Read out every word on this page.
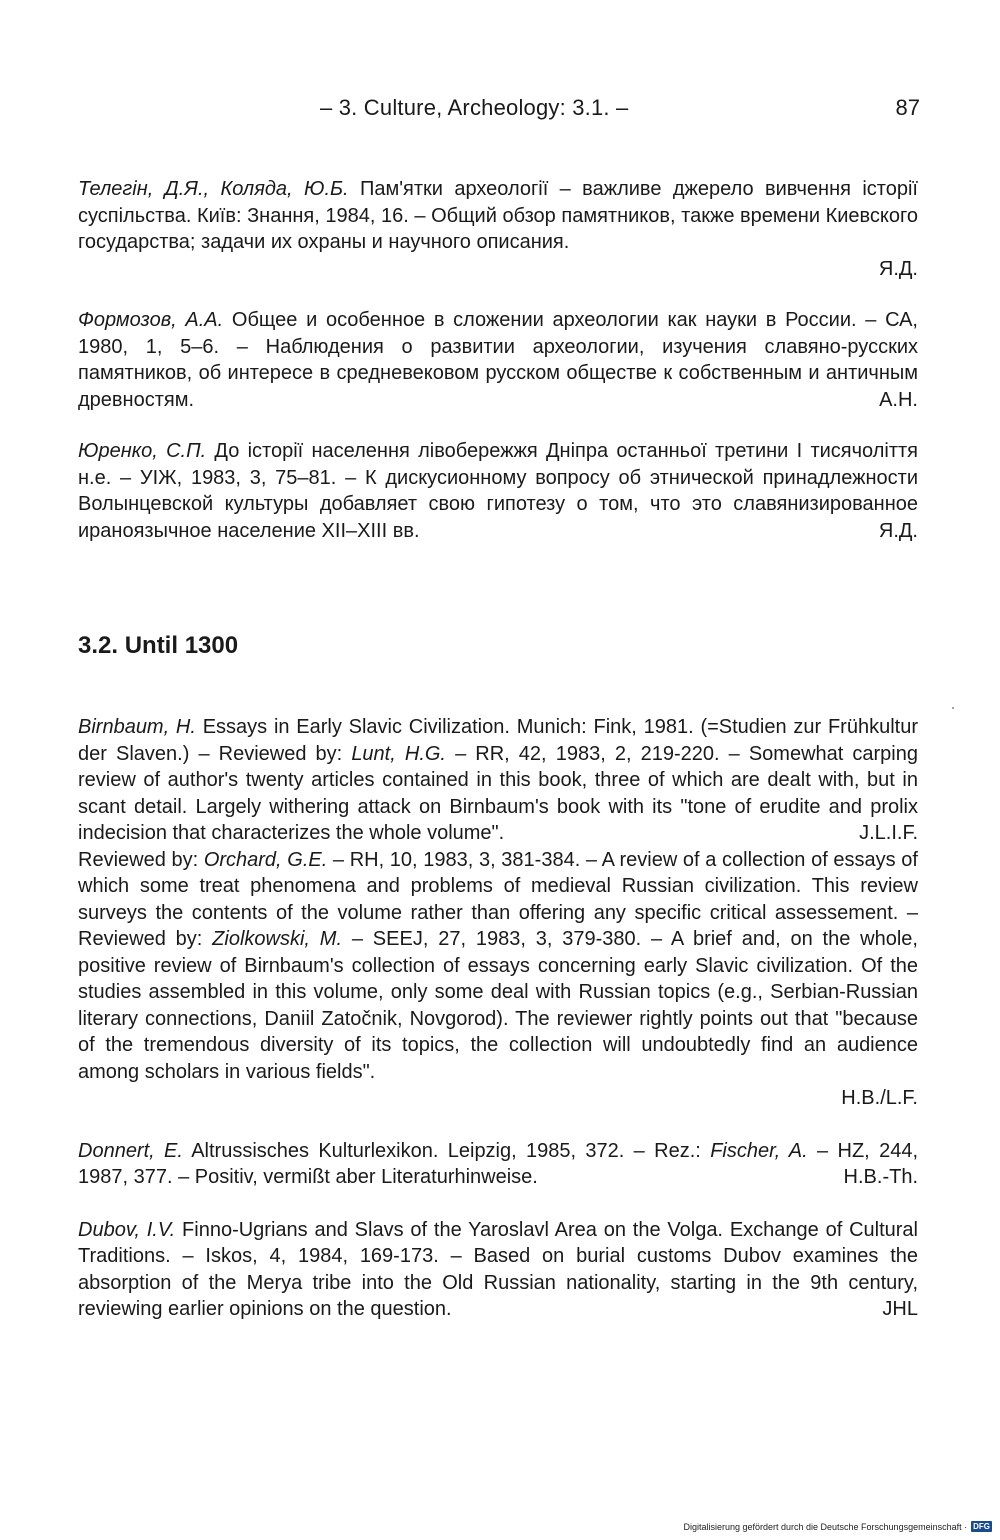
– 3. Culture, Archeology: 3.1. –	87

Телегін, Д.Я., Коляда, Ю.Б. Пам'ятки археології – важливе джерело вивчення історії суспільства. Київ: Знання, 1984, 16. – Общий обзор памятников, также времени Киевского государства; задачи их охраны и научного описания.
Я.Д.

Формозов, А.А. Общее и особенное в сложении археологии как науки в России. – СА, 1980, 1, 5–6. – Наблюдения о развитии археологии, изучения славяно-русских памятников, об интересе в средневековом русском обществе к собственным и античным древностям.	А.Н.

Юренко, С.П. До історії населення лівобережжя Дніпра останньої третини I тисячоліття н.е. – УІЖ, 1983, 3, 75–81. – К дискусионному вопросу об этнической принадлежности Волынцевской культуры добавляет свою гипотезу о том, что это славянизированное ираноязычное население XII–XIII вв.	Я.Д.

3.2. Until 1300

Birnbaum, H. Essays in Early Slavic Civilization. Munich: Fink, 1981. (=Studien zur Frühkultur der Slaven.) – Reviewed by: Lunt, H.G. – RR, 42, 1983, 2, 219-220. – Somewhat carping review of author's twenty articles contained in this book, three of which are dealt with, but in scant detail. Largely withering attack on Birnbaum's book with its "tone of erudite and prolix indecision that characterizes the whole volume".	J.L.I.F.

Reviewed by: Orchard, G.E. – RH, 10, 1983, 3, 381-384. – A review of a collection of essays of which some treat phenomena and problems of medieval Russian civilization. This review surveys the contents of the volume rather than offering any specific critical assessement. – Reviewed by: Ziolkowski, M. – SEEJ, 27, 1983, 3, 379-380. – A brief and, on the whole, positive review of Birnbaum's collection of essays concerning early Slavic civilization. Of the studies assembled in this volume, only some deal with Russian topics (e.g., Serbian-Russian literary connections, Daniil Zatočnik, Novgorod). The reviewer rightly points out that "because of the tremendous diversity of its topics, the collection will undoubtedly find an audience among scholars in various fields".
H.B./L.F.

Donnert, E. Altrussisches Kulturlexikon. Leipzig, 1985, 372. – Rez.: Fischer, A. – HZ, 244, 1987, 377. – Positiv, vermißt aber Literaturhinweise.	H.B.-Th.

Dubov, I.V. Finno-Ugrians and Slavs of the Yaroslavl Area on the Volga. Exchange of Cultural Traditions. – Iskos, 4, 1984, 169-173. – Based on burial customs Dubov examines the absorption of the Merya tribe into the Old Russian nationality, starting in the 9th century, reviewing earlier opinions on the question.	JHL

Digitalisierung gefördert durch die Deutsche Forschungsgemeinschaft · DFG
